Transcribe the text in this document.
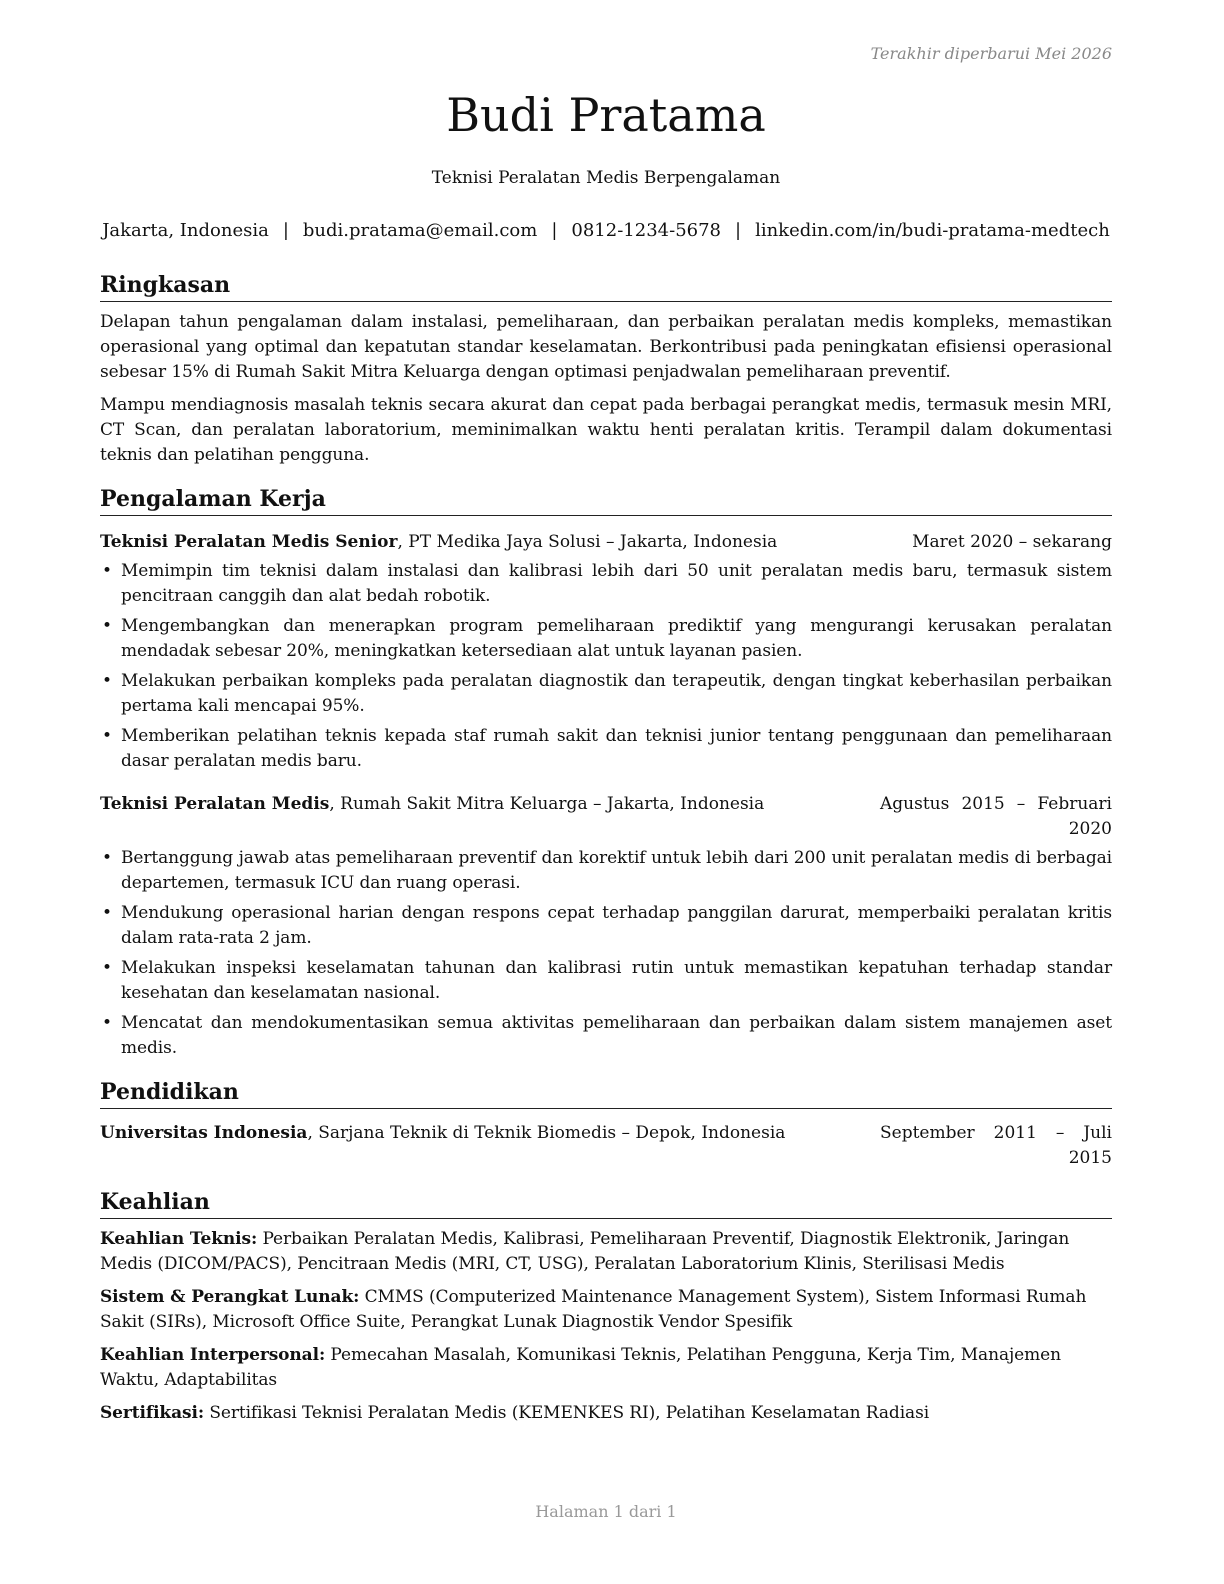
Terakhir diperbarui Mei 2026
Budi Pratama
Teknisi Peralatan Medis Berpengalaman
Jakarta, Indonesia | budi.pratama@email.com | 0812-1234-5678 | linkedin.com/in/budi-pratama-medtech
Ringkasan

Delapan tahun pengalaman dalam instalasi, pemeliharaan, dan perbaikan peralatan medis kompleks, memastikan operasional yang optimal dan kepatutan standar keselamatan. Berkontribusi pada peningkatan efisiensi operasional sebesar 15% di Rumah Sakit Mitra Keluarga dengan optimasi penjadwalan pemeliharaan preventif.

Mampu mendiagnosis masalah teknis secara akurat dan cepat pada berbagai perangkat medis, termasuk mesin MRI, CT Scan, dan peralatan laboratorium, meminimalkan waktu henti peralatan kritis. Terampil dalam dokumentasi teknis dan pelatihan pengguna.

Pengalaman Kerja
Teknisi Peralatan Medis Senior, PT Medika Jaya Solusi – Jakarta, Indonesia	Maret 2020 – sekarang
• Memimpin tim teknisi dalam instalasi dan kalibrasi lebih dari 50 unit peralatan medis baru, termasuk sistem pencitraan canggih dan alat bedah robotik.
• Mengembangkan dan menerapkan program pemeliharaan prediktif yang mengurangi kerusakan peralatan mendadak sebesar 20%, meningkatkan ketersediaan alat untuk layanan pasien.
• Melakukan perbaikan kompleks pada peralatan diagnostik dan terapeutik, dengan tingkat keberhasilan perbaikan pertama kali mencapai 95%.
• Memberikan pelatihan teknis kepada staf rumah sakit dan teknisi junior tentang penggunaan dan pemeliharaan dasar peralatan medis baru.
Teknisi Peralatan Medis, Rumah Sakit Mitra Keluarga – Jakarta, Indonesia	Agustus 2015 – Februari 2020
• Bertanggung jawab atas pemeliharaan preventif dan korektif untuk lebih dari 200 unit peralatan medis di berbagai departemen, termasuk ICU dan ruang operasi.
• Mendukung operasional harian dengan respons cepat terhadap panggilan darurat, memperbaiki peralatan kritis dalam rata-rata 2 jam.
• Melakukan inspeksi keselamatan tahunan dan kalibrasi rutin untuk memastikan kepatuhan terhadap standar kesehatan dan keselamatan nasional.
• Mencatat dan mendokumentasikan semua aktivitas pemeliharaan dan perbaikan dalam sistem manajemen aset medis.
Pendidikan
Universitas Indonesia, Sarjana Teknik di Teknik Biomedis – Depok, Indonesia	September 2011 – Juli 2015
Keahlian

Keahlian Teknis: Perbaikan Peralatan Medis, Kalibrasi, Pemeliharaan Preventif, Diagnostik Elektronik, Jaringan Medis (DICOM/PACS), Pencitraan Medis (MRI, CT, USG), Peralatan Laboratorium Klinis, Sterilisasi Medis

Sistem & Perangkat Lunak: CMMS (Computerized Maintenance Management System), Sistem Informasi Rumah Sakit (SIRs), Microsoft Office Suite, Perangkat Lunak Diagnostik Vendor Spesifik

Keahlian Interpersonal: Pemecahan Masalah, Komunikasi Teknis, Pelatihan Pengguna, Kerja Tim, Manajemen Waktu, Adaptabilitas

Sertifikasi: Sertifikasi Teknisi Peralatan Medis (KEMENKES RI), Pelatihan Keselamatan Radiasi

Halaman 1 dari 1
